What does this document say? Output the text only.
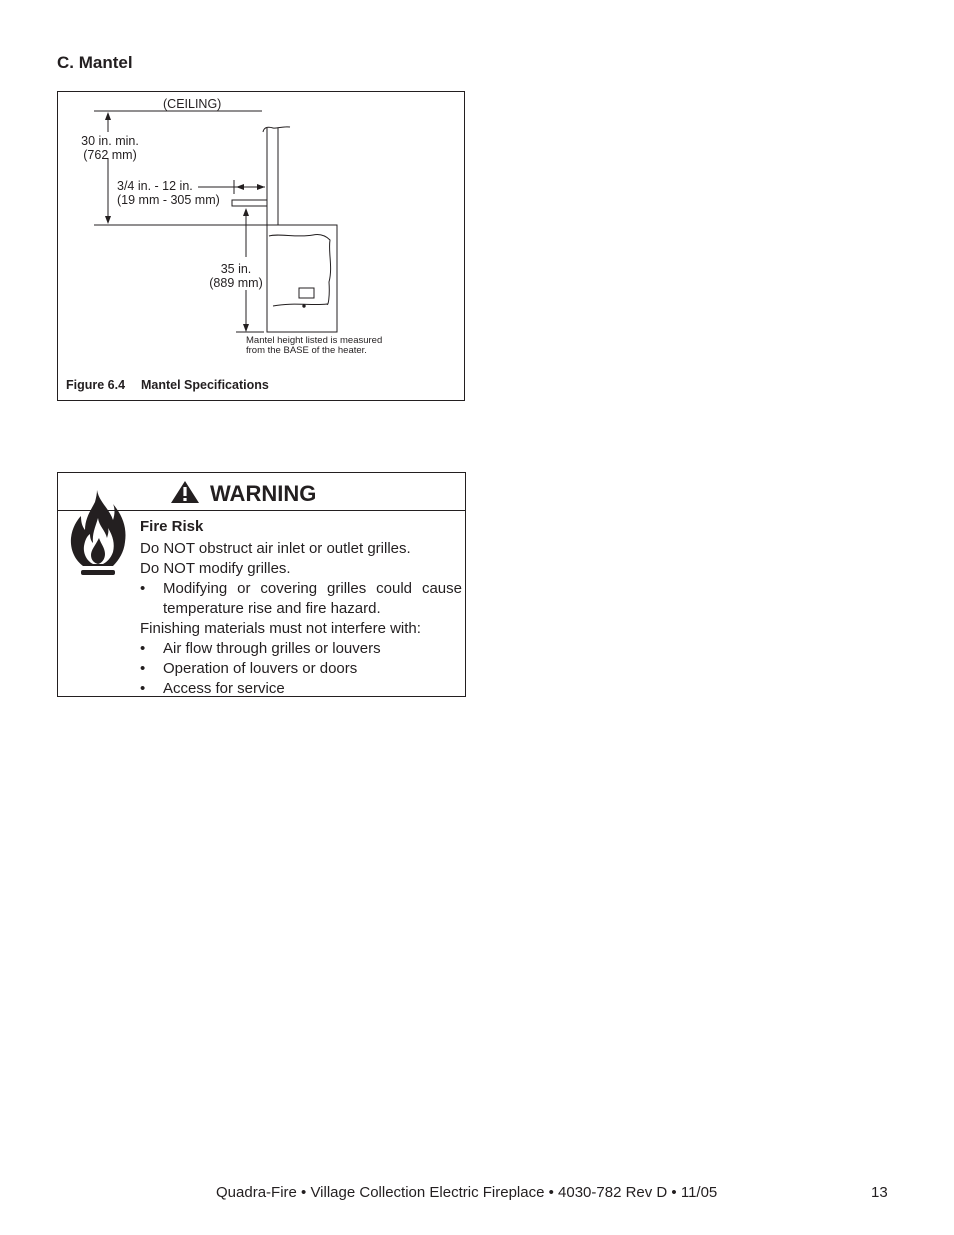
C. Mantel
(CEILING)
30 in. min.
(762 mm)
3/4 in. - 12 in.
(19 mm - 305 mm)
35 in.
(889 mm)
Mantel height listed is measured
from the BASE of the heater.
Figure 6.4 Mantel Specifications
WARNING

Fire Risk

Do NOT obstruct air inlet or outlet grilles.

Do NOT modify grilles.

• Modifying or covering grilles could cause temperature rise and fire hazard.

Finishing materials must not interfere with:

• Air flow through grilles or louvers

• Operation of louvers or doors

• Access for service

Quadra-Fire • Village Collection Electric Fireplace • 4030-782 Rev D • 11/05	13
